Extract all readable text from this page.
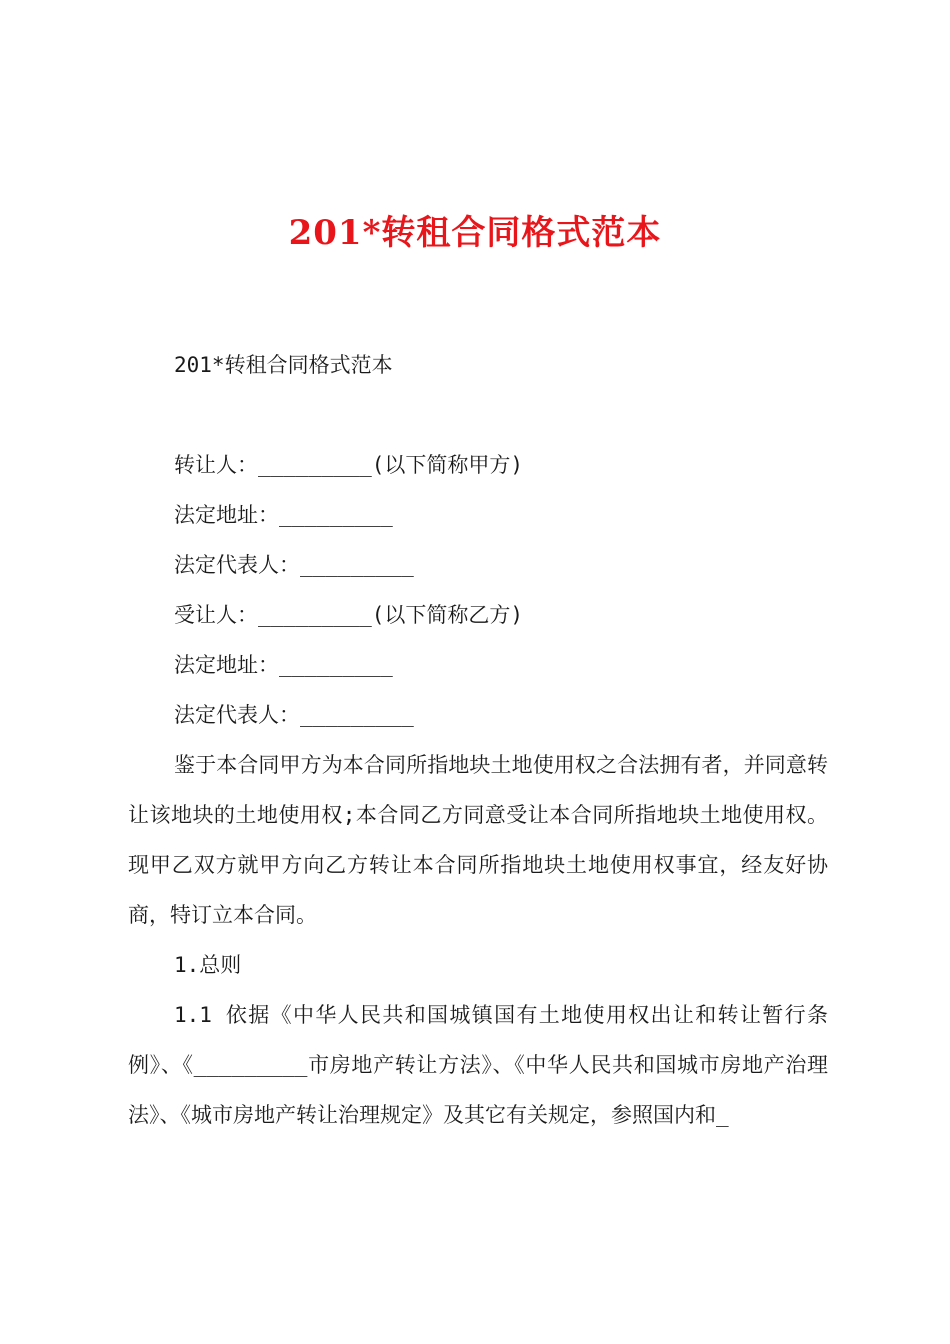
201*转租合同格式范本

201*转租合同格式范本

转让人：_________(以下简称甲方)

法定地址：_________

法定代表人：_________

受让人：_________(以下简称乙方)

法定地址：_________

法定代表人：_________

鉴于本合同甲方为本合同所指地块土地使用权之合法拥有者，并同意转让该地块的土地使用权;本合同乙方同意受让本合同所指地块土地使用权。现甲乙双方就甲方向乙方转让本合同所指地块土地使用权事宜，经友好协商，特订立本合同。

1.总则

1.1 依据《中华人民共和国城镇国有土地使用权出让和转让暂行条例》、《_________市房地产转让方法》、《中华人民共和国城市房地产治理法》、《城市房地产转让治理规定》及其它有关规定，参照国内和_
